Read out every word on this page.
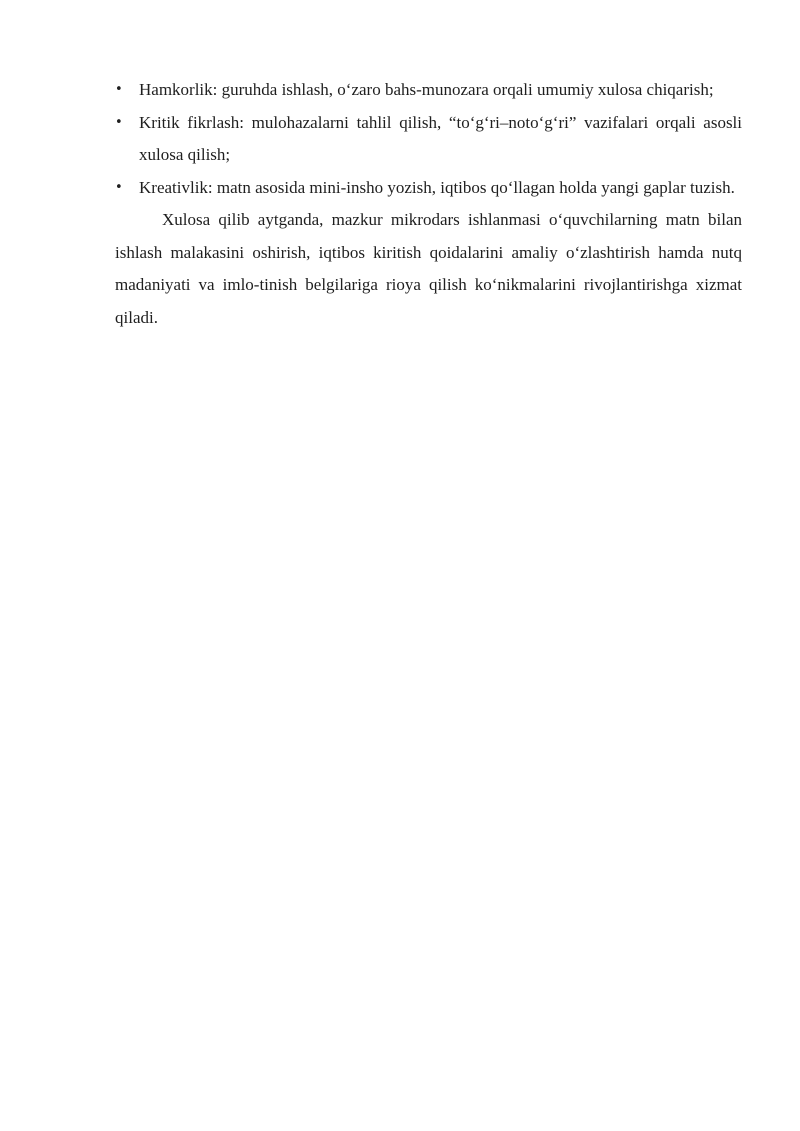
• Hamkorlik: guruhda ishlash, o‘zaro bahs-munozara orqali umumiy xulosa chiqarish;
• Kritik fikrlash: mulohazalarni tahlil qilish, “to‘g‘ri–noto‘g‘ri” vazifalari orqali asosli xulosa qilish;
• Kreativlik: matn asosida mini-insho yozish, iqtibos qo‘llagan holda yangi gaplar tuzish.

Xulosa qilib aytganda, mazkur mikrodars ishlanmasi o‘quvchilarning matn bilan ishlash malakasini oshirish, iqtibos kiritish qoidalarini amaliy o‘zlashtirish hamda nutq madaniyati va imlo-tinish belgilariga rioya qilish ko‘nikmalarini rivojlantirishga xizmat qiladi.
